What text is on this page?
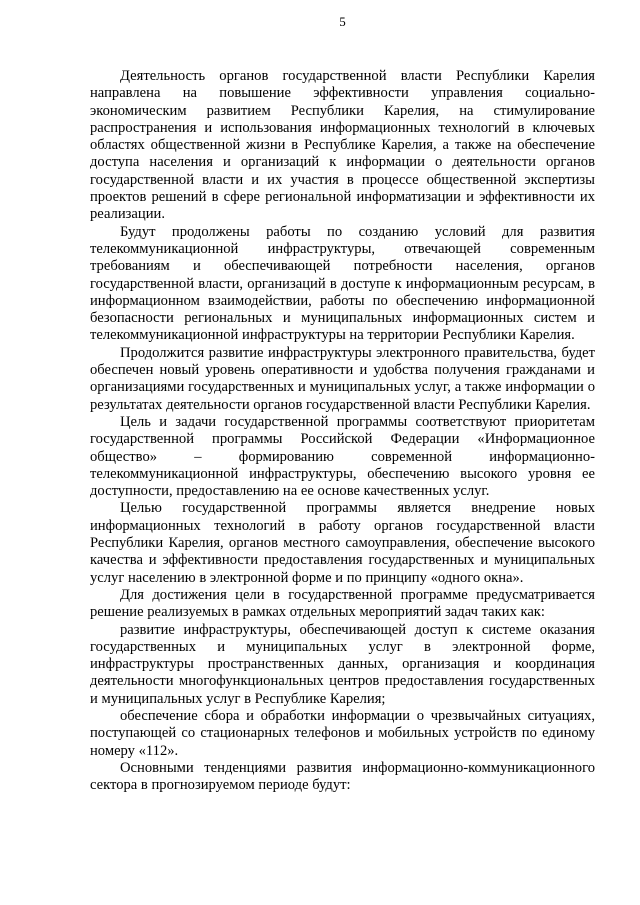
5

Деятельность органов государственной власти Республики Карелия направлена на повышение эффективности управления социально-экономическим развитием Республики Карелия, на стимулирование распространения и использования информационных технологий в ключевых областях общественной жизни в Республике Карелия, а также на обеспечение доступа населения и организаций к информации о деятельности органов государственной власти и их участия в процессе общественной экспертизы проектов решений в сфере региональной информатизации и эффективности их реализации.

Будут продолжены работы по созданию условий для развития телекоммуникационной инфраструктуры, отвечающей современным требованиям и обеспечивающей потребности населения, органов государственной власти, организаций в доступе к информационным ресурсам, в информационном взаимодействии, работы по обеспечению информационной безопасности региональных и муниципальных информационных систем и телекоммуникационной инфраструктуры на территории Республики Карелия.

Продолжится развитие инфраструктуры электронного правительства, будет обеспечен новый уровень оперативности и удобства получения гражданами и организациями государственных и муниципальных услуг, а также информации о результатах деятельности органов государственной власти Республики Карелия.

Цель и задачи государственной программы соответствуют приоритетам государственной программы Российской Федерации «Информационное общество» – формированию современной информационно-телекоммуникационной инфраструктуры, обеспечению высокого уровня ее доступности, предоставлению на ее основе качественных услуг.

Целью государственной программы является внедрение новых информационных технологий в работу органов государственной власти Республики Карелия, органов местного самоуправления, обеспечение высокого качества и эффективности предоставления государственных и муниципальных услуг населению в электронной форме и по принципу «одного окна».

Для достижения цели в государственной программе предусматривается решение реализуемых в рамках отдельных мероприятий задач таких как:

развитие инфраструктуры, обеспечивающей доступ к системе оказания государственных и муниципальных услуг в электронной форме, инфраструктуры пространственных данных, организация и координация деятельности многофункциональных центров предоставления государственных и муниципальных услуг в Республике Карелия;

обеспечение сбора и обработки информации о чрезвычайных ситуациях, поступающей со стационарных телефонов и мобильных устройств по единому номеру «112».

Основными тенденциями развития информационно-коммуникационного сектора в прогнозируемом периоде будут:
